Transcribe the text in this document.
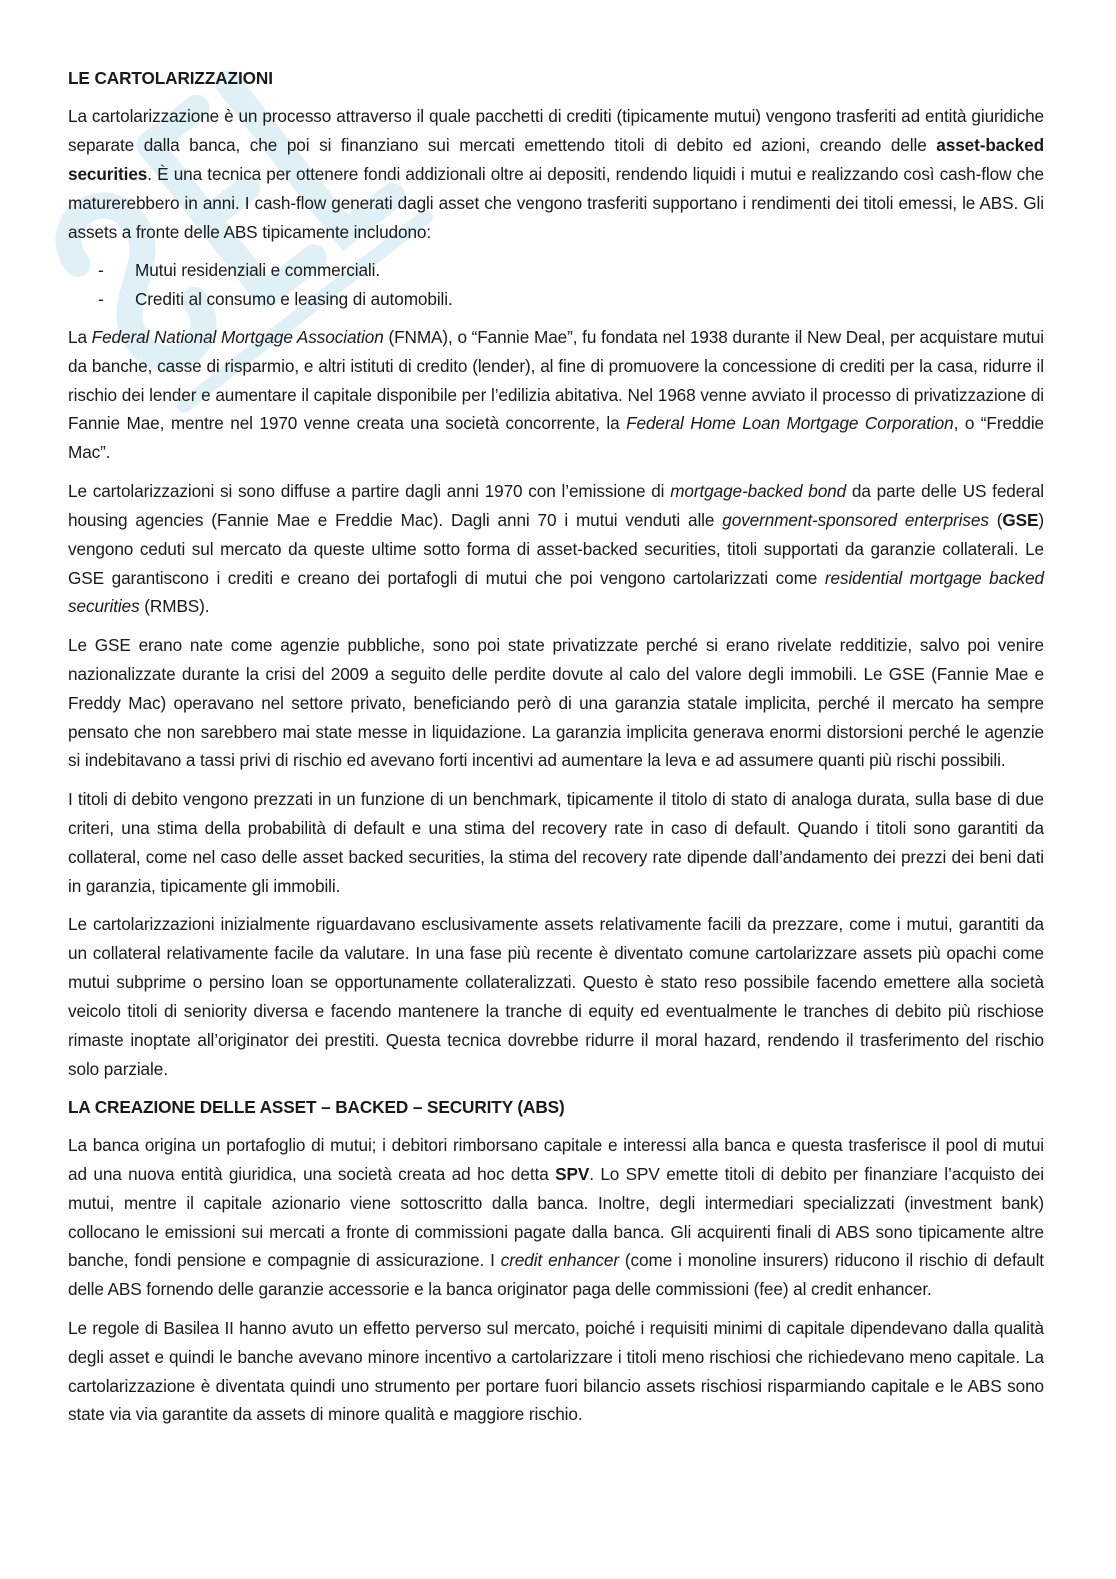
LE CARTOLARIZZAZIONI

La cartolarizzazione è un processo attraverso il quale pacchetti di crediti (tipicamente mutui) vengono trasferiti ad entità giuridiche separate dalla banca, che poi si finanziano sui mercati emettendo titoli di debito ed azioni, creando delle asset-backed securities. È una tecnica per ottenere fondi addizionali oltre ai depositi, rendendo liquidi i mutui e realizzando così cash-flow che maturerebbero in anni. I cash-flow generati dagli asset che vengono trasferiti supportano i rendimenti dei titoli emessi, le ABS. Gli assets a fronte delle ABS tipicamente includono:

- Mutui residenziali e commerciali.
- Crediti al consumo e leasing di automobili.

La Federal National Mortgage Association (FNMA), o “Fannie Mae”, fu fondata nel 1938 durante il New Deal, per acquistare mutui da banche, casse di risparmio, e altri istituti di credito (lender), al fine di promuovere la concessione di crediti per la casa, ridurre il rischio dei lender e aumentare il capitale disponibile per l’edilizia abitativa. Nel 1968 venne avviato il processo di privatizzazione di Fannie Mae, mentre nel 1970 venne creata una società concorrente, la Federal Home Loan Mortgage Corporation, o “Freddie Mac”.

Le cartolarizzazioni si sono diffuse a partire dagli anni 1970 con l’emissione di mortgage-backed bond da parte delle US federal housing agencies (Fannie Mae e Freddie Mac). Dagli anni 70 i mutui venduti alle government-sponsored enterprises (GSE) vengono ceduti sul mercato da queste ultime sotto forma di asset-backed securities, titoli supportati da garanzie collaterali. Le GSE garantiscono i crediti e creano dei portafogli di mutui che poi vengono cartolarizzati come residential mortgage backed securities (RMBS).

Le GSE erano nate come agenzie pubbliche, sono poi state privatizzate perché si erano rivelate redditizie, salvo poi venire nazionalizzate durante la crisi del 2009 a seguito delle perdite dovute al calo del valore degli immobili. Le GSE (Fannie Mae e Freddy Mac) operavano nel settore privato, beneficiando però di una garanzia statale implicita, perché il mercato ha sempre pensato che non sarebbero mai state messe in liquidazione. La garanzia implicita generava enormi distorsioni perché le agenzie si indebitavano a tassi privi di rischio ed avevano forti incentivi ad aumentare la leva e ad assumere quanti più rischi possibili.

I titoli di debito vengono prezzati in un funzione di un benchmark, tipicamente il titolo di stato di analoga durata, sulla base di due criteri, una stima della probabilità di default e una stima del recovery rate in caso di default. Quando i titoli sono garantiti da collateral, come nel caso delle asset backed securities, la stima del recovery rate dipende dall’andamento dei prezzi dei beni dati in garanzia, tipicamente gli immobili.

Le cartolarizzazioni inizialmente riguardavano esclusivamente assets relativamente facili da prezzare, come i mutui, garantiti da un collateral relativamente facile da valutare. In una fase più recente è diventato comune cartolarizzare assets più opachi come mutui subprime o persino loan se opportunamente collateralizzati. Questo è stato reso possibile facendo emettere alla società veicolo titoli di seniority diversa e facendo mantenere la tranche di equity ed eventualmente le tranches di debito più rischiose rimaste inoptate all’originator dei prestiti. Questa tecnica dovrebbe ridurre il moral hazard, rendendo il trasferimento del rischio solo parziale.

LA CREAZIONE DELLE ASSET – BACKED – SECURITY (ABS)

La banca origina un portafoglio di mutui; i debitori rimborsano capitale e interessi alla banca e questa trasferisce il pool di mutui ad una nuova entità giuridica, una società creata ad hoc detta SPV. Lo SPV emette titoli di debito per finanziare l’acquisto dei mutui, mentre il capitale azionario viene sottoscritto dalla banca. Inoltre, degli intermediari specializzati (investment bank) collocano le emissioni sui mercati a fronte di commissioni pagate dalla banca. Gli acquirenti finali di ABS sono tipicamente altre banche, fondi pensione e compagnie di assicurazione. I credit enhancer (come i monoline insurers) riducono il rischio di default delle ABS fornendo delle garanzie accessorie e la banca originator paga delle commissioni (fee) al credit enhancer.

Le regole di Basilea II hanno avuto un effetto perverso sul mercato, poiché i requisiti minimi di capitale dipendevano dalla qualità degli asset e quindi le banche avevano minore incentivo a cartolarizzare i titoli meno rischiosi che richiedevano meno capitale. La cartolarizzazione è diventata quindi uno strumento per portare fuori bilancio assets rischiosi risparmiando capitale e le ABS sono state via via garantite da assets di minore qualità e maggiore rischio.
